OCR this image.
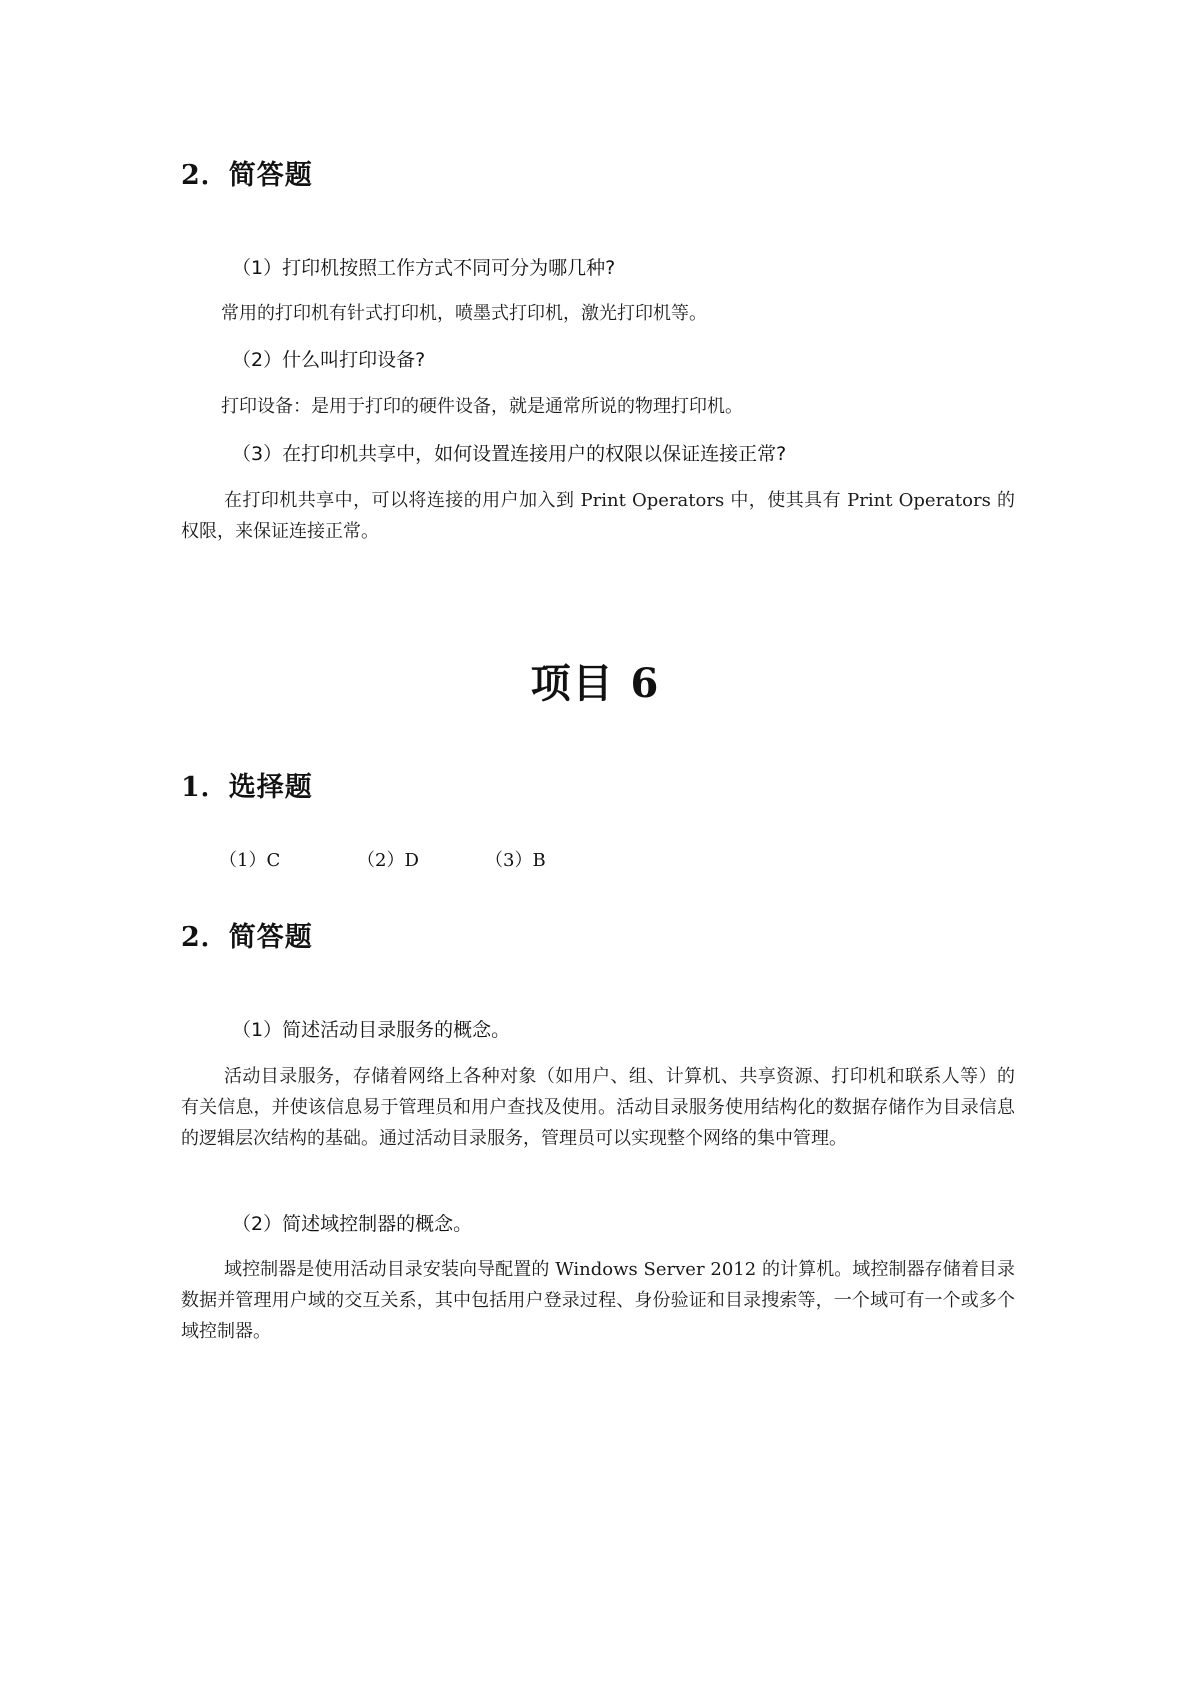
2．简答题
（1）打印机按照工作方式不同可分为哪几种?
常用的打印机有针式打印机，喷墨式打印机，激光打印机等。
（2）什么叫打印设备?
打印设备：是用于打印的硬件设备，就是通常所说的物理打印机。
（3）在打印机共享中，如何设置连接用户的权限以保证连接正常?
在打印机共享中，可以将连接的用户加入到 Print Operators 中，使其具有 Print Operators 的权限，来保证连接正常。
项目 6
1．选择题
（1）C	（2）D	（3）B
2．简答题
（1）简述活动目录服务的概念。
活动目录服务，存储着网络上各种对象（如用户、组、计算机、共享资源、打印机和联系人等）的有关信息，并使该信息易于管理员和用户查找及使用。活动目录服务使用结构化的数据存储作为目录信息的逻辑层次结构的基础。通过活动目录服务，管理员可以实现整个网络的集中管理。
（2）简述域控制器的概念。
域控制器是使用活动目录安装向导配置的 Windows Server 2012 的计算机。域控制器存储着目录数据并管理用户域的交互关系，其中包括用户登录过程、身份验证和目录搜索等，一个域可有一个或多个域控制器。
